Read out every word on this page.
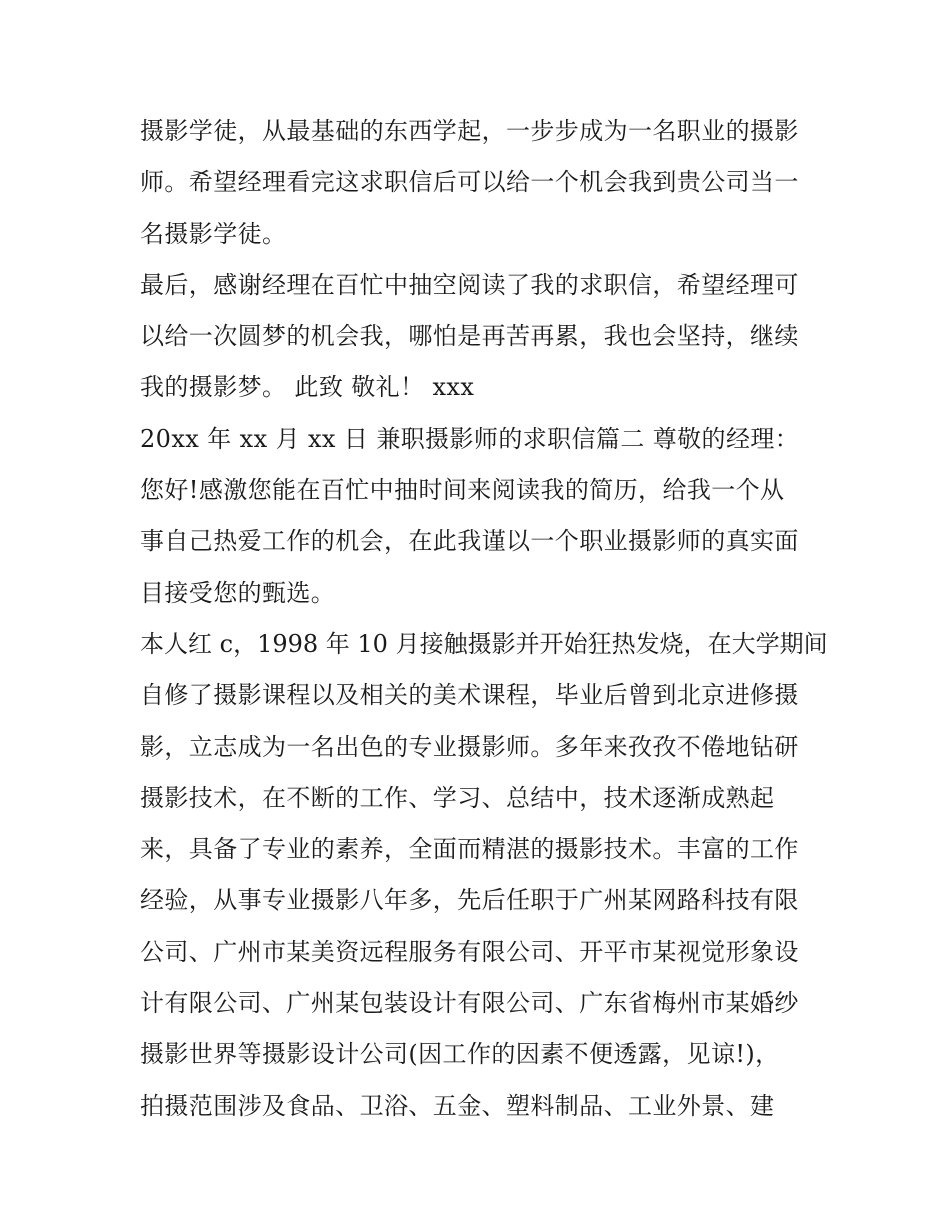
摄影学徒，从最基础的东西学起，一步步成为一名职业的摄影
师。希望经理看完这求职信后可以给一个机会我到贵公司当一
名摄影学徒。
最后，感谢经理在百忙中抽空阅读了我的求职信，希望经理可
以给一次圆梦的机会我，哪怕是再苦再累，我也会坚持，继续
我的摄影梦。 此致 敬礼！ xxx
20xx 年 xx 月 xx 日 兼职摄影师的求职信篇二 尊敬的经理：
您好!感激您能在百忙中抽时间来阅读我的简历，给我一个从
事自己热爱工作的机会，在此我谨以一个职业摄影师的真实面
目接受您的甄选。
本人红 c，1998 年 10 月接触摄影并开始狂热发烧，在大学期间
自修了摄影课程以及相关的美术课程，毕业后曾到北京进修摄
影，立志成为一名出色的专业摄影师。多年来孜孜不倦地钻研
摄影技术，在不断的工作、学习、总结中，技术逐渐成熟起
来，具备了专业的素养，全面而精湛的摄影技术。丰富的工作
经验，从事专业摄影八年多，先后任职于广州某网路科技有限
公司、广州市某美资远程服务有限公司、开平市某视觉形象设
计有限公司、广州某包装设计有限公司、广东省梅州市某婚纱
摄影世界等摄影设计公司(因工作的因素不便透露，见谅!)，
拍摄范围涉及食品、卫浴、五金、塑料制品、工业外景、建
